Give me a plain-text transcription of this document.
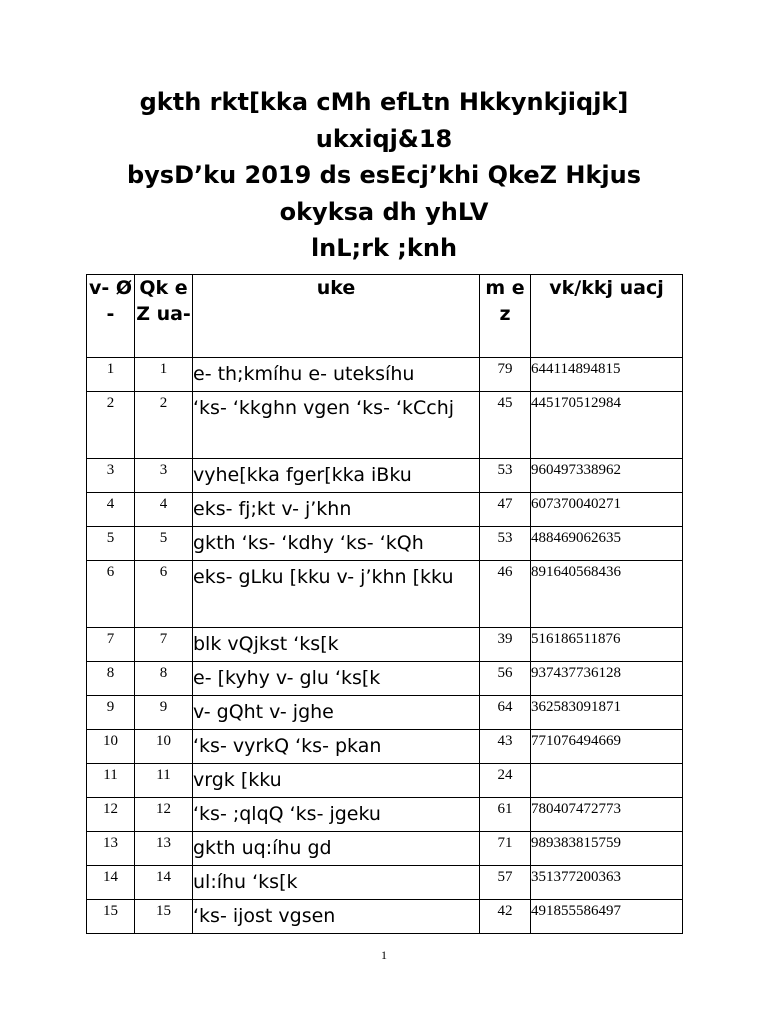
gkth rkt[kka cMh efLtn Hkkynkjiqjk]
ukxiqj&18
bysD’ku 2019 ds esEcj’khi QkeZ Hkjus
okyksa dh yhLV
lnL;rk ;knh
v- Ø-	Qk eZ ua-	uke	m ez	vk/kkj uacj
1	1	e- th;kmíhu e- uteksíhu	79	644114894815
2	2	‘ks- ‘kkghn vgen ‘ks- ‘kCchj	45	445170512984
3	3	vyhe[kka fger[kka iBku	53	960497338962
4	4	eks- fj;kt v- j’khn	47	607370040271
5	5	gkth ‘ks- ‘kdhy ‘ks- ‘kQh	53	488469062635
6	6	eks- gLku [kku v- j’khn [kku	46	891640568436
7	7	blk vQjkst ‘ks[k	39	516186511876
8	8	e- [kyhy v- glu ‘ks[k	56	937437736128
9	9	v- gQht v- jghe	64	362583091871
10	10	‘ks- vyrkQ ‘ks- pkan	43	771076494669
11	11	vrgk [kku	24	
12	12	‘ks- ;qlqQ ‘ks- jgeku	61	780407472773
13	13	gkth uq:íhu gd	71	989383815759
14	14	ul:íhu ‘ks[k	57	351377200363
15	15	‘ks- ijost vgsen	42	491855586497
1
